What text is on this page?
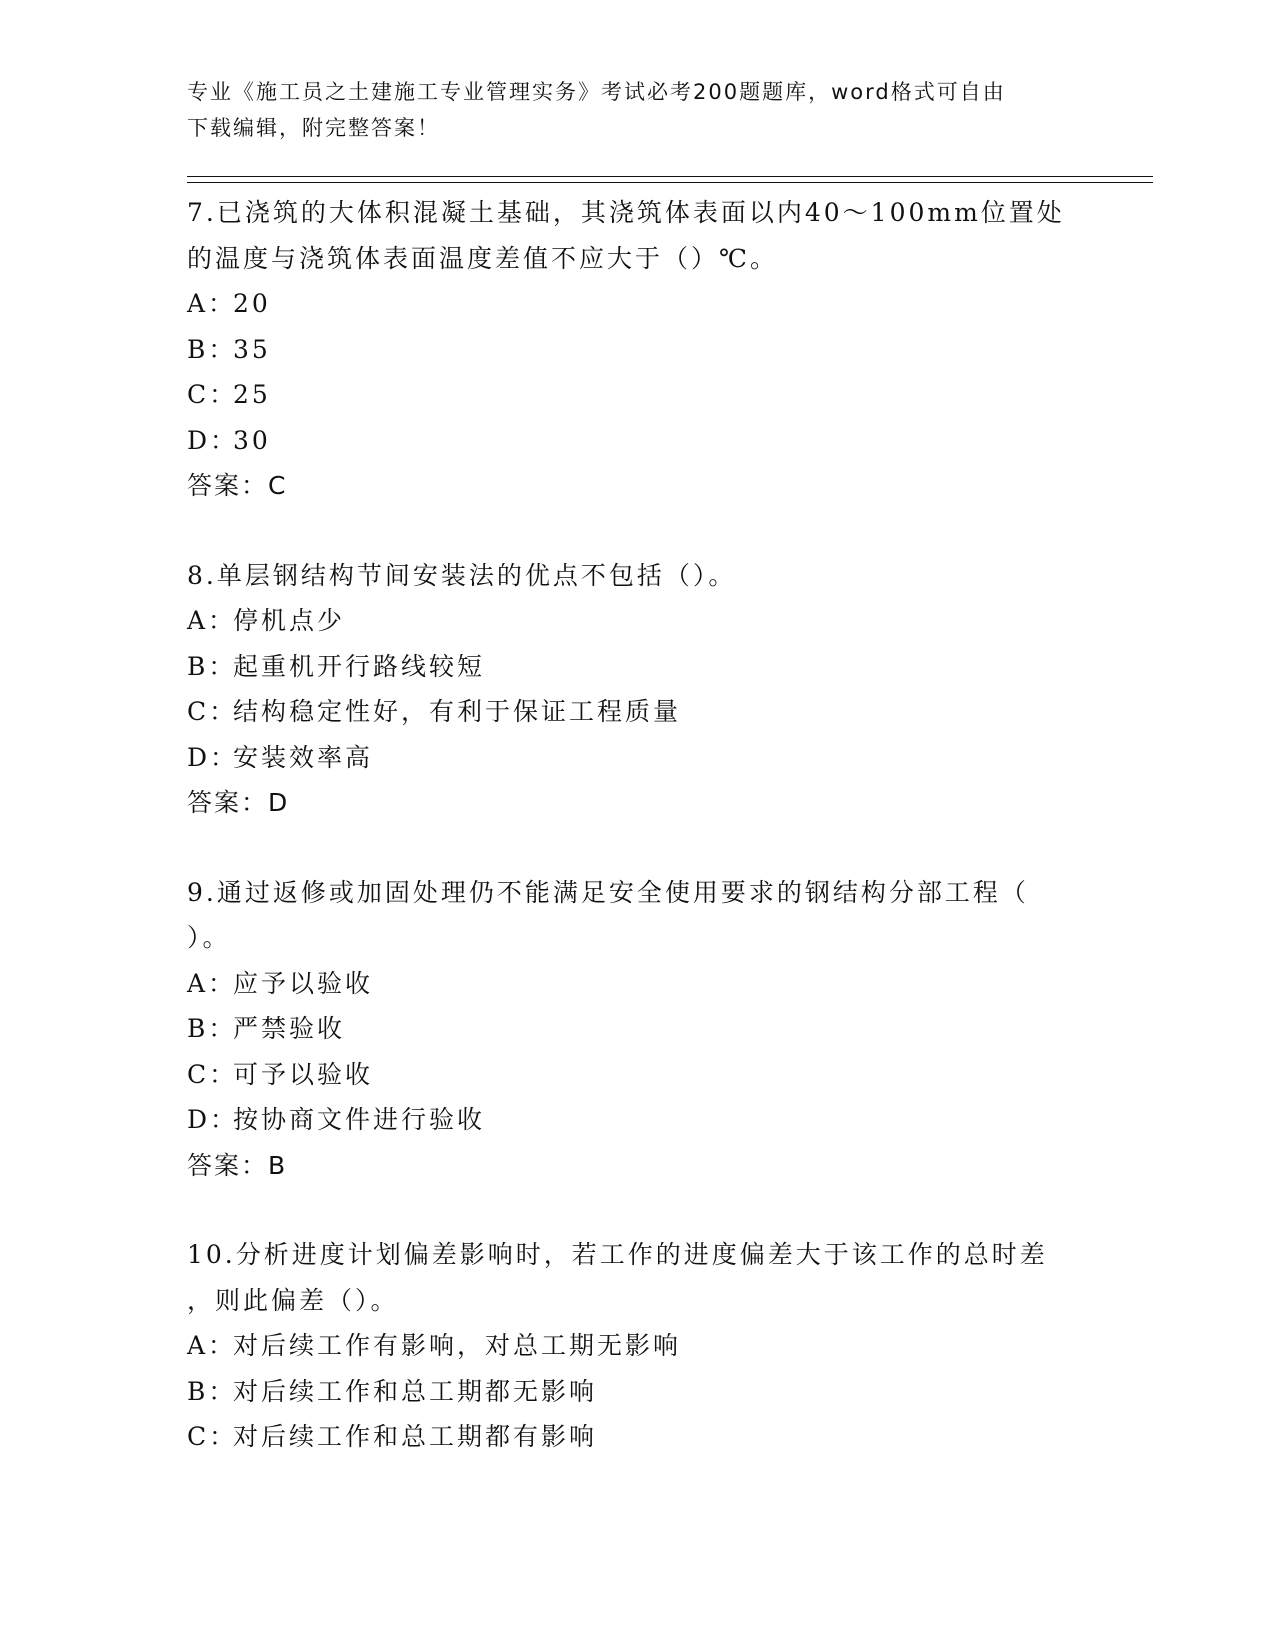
专业《施工员之土建施工专业管理实务》考试必考200题题库，word格式可自由
下载编辑，附完整答案！
7.已浇筑的大体积混凝土基础，其浇筑体表面以内40～100mm位置处
的温度与浇筑体表面温度差值不应大于（）℃。
A：
20
B：
35
C：
25
D：
30
答案：C
8.单层钢结构节间安装法的优点不包括（）。
A：
停机点少
B：
起重机开行路线较短
C：
结构稳定性好，有利于保证工程质量
D：
安装效率高
答案：D
9.通过返修或加固处理仍不能满足安全使用要求的钢结构分部工程（
）。
A：
应予以验收
B：
严禁验收
C：
可予以验收
D：
按协商文件进行验收
答案：B
10.分析进度计划偏差影响时，若工作的进度偏差大于该工作的总时差
，则此偏差（）。
A：
对后续工作有影响，对总工期无影响
B：
对后续工作和总工期都无影响
C：
对后续工作和总工期都有影响
